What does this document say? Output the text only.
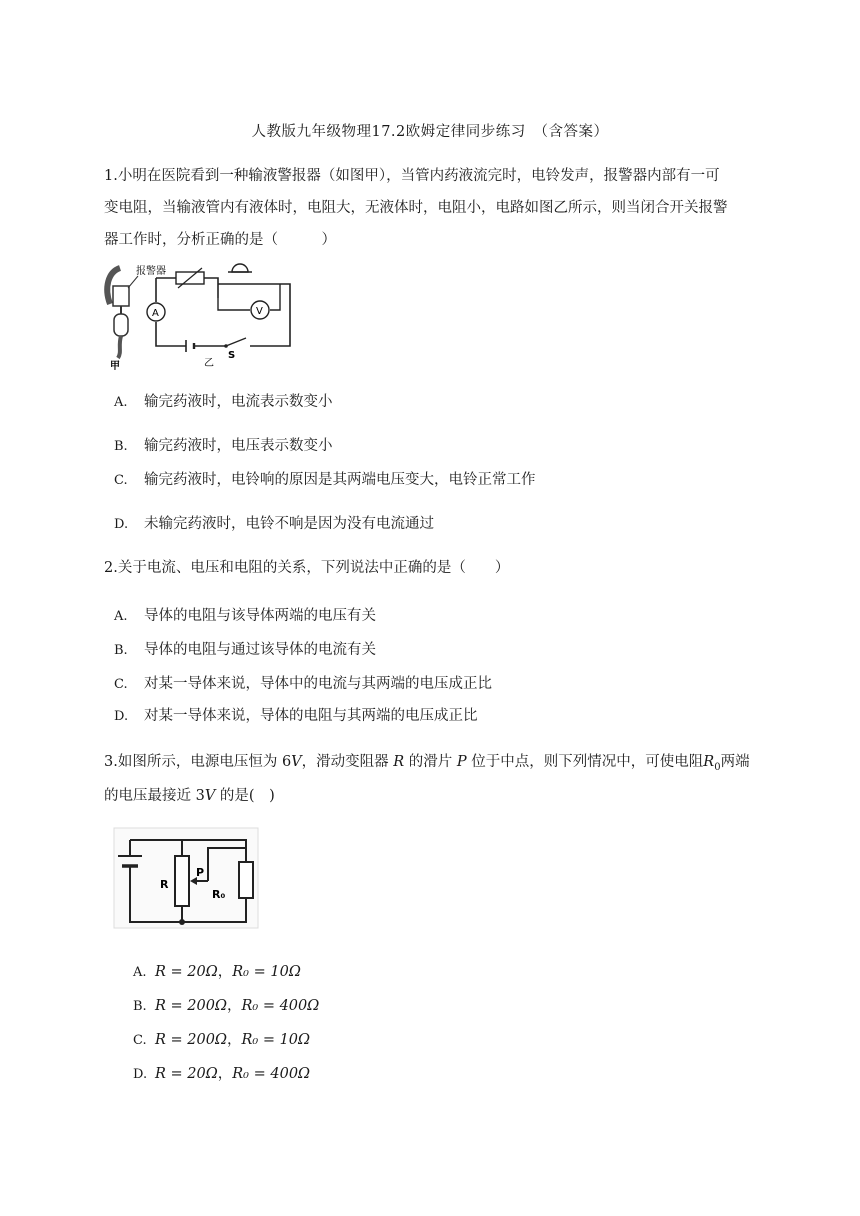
人教版九年级物理17.2欧姆定律同步练习　（含答案）
1.小明在医院看到一种输液警报器（如图甲），当管内药液流完时，电铃发声，报警器内部有一可
变电阻，当输液管内有液体时，电阻大，无液体时，电阻小，电路如图乙所示，则当闭合开关报警
器工作时，分析正确的是（　　　）
报警器
甲
V
A
乙
S
A. 输完药液时，电流表示数变小
B. 输完药液时，电压表示数变小
C. 输完药液时，电铃响的原因是其两端电压变大，电铃正常工作
D. 未输完药液时，电铃不响是因为没有电流通过
2.关于电流、电压和电阻的关系，下列说法中正确的是（　　）
A. 导体的电阻与该导体两端的电压有关
B. 导体的电阻与通过该导体的电流有关
C. 对某一导体来说，导体中的电流与其两端的电压成正比
D. 对某一导体来说，导体的电阻与其两端的电压成正比
3.如图所示，电源电压恒为 6V，滑动变阻器 R 的滑片 P 位于中点，则下列情况中，可使电阻$R_0$两端
的电压最接近 3V 的是(　)
R
P
R₀
A. R = 20Ω，R₀ = 10Ω
B. R = 200Ω，R₀ = 400Ω
C. R = 200Ω，R₀ = 10Ω
D. R = 20Ω，R₀ = 400Ω
